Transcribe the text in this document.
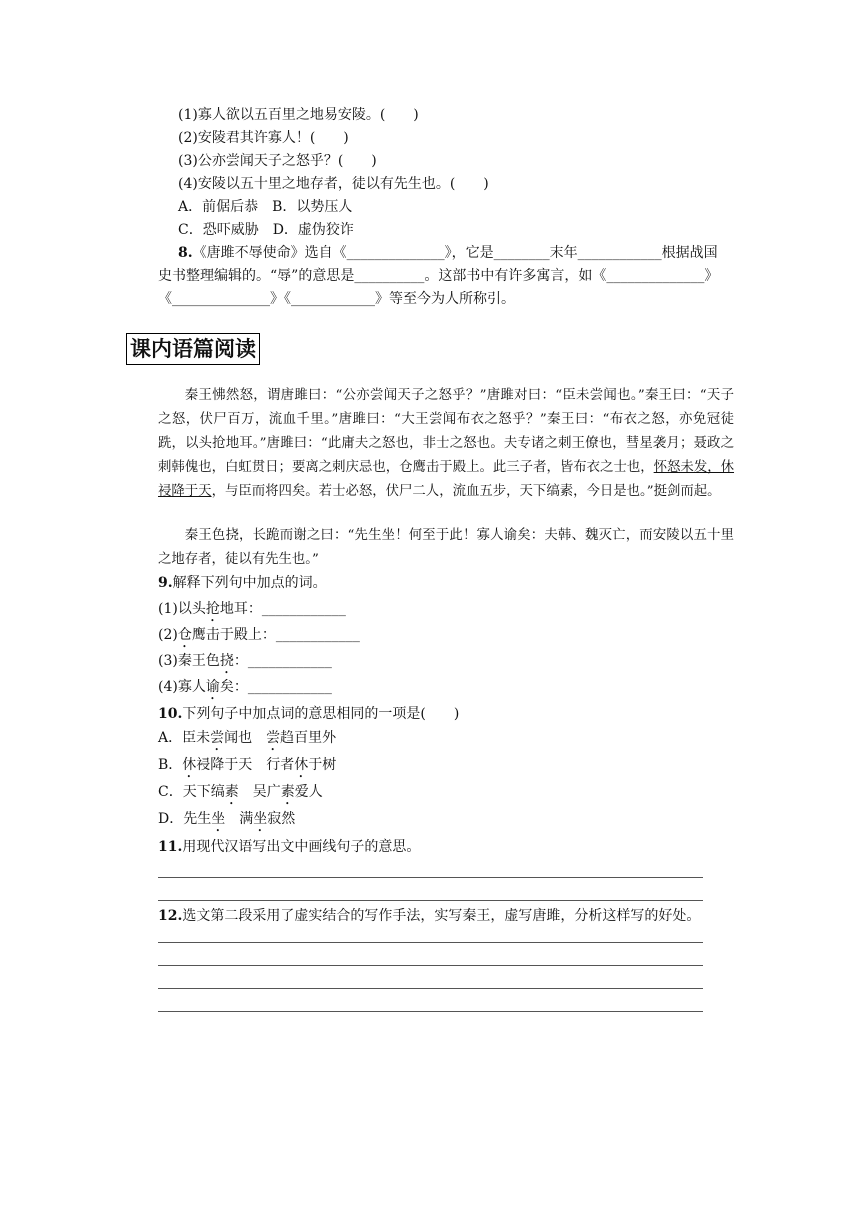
(1)寡人欲以五百里之地易安陵。(　　)
(2)安陵君其许寡人！(　　)
(3)公亦尝闻天子之怒乎？(　　)
(4)安陵以五十里之地存者，徒以有先生也。(　　)
A．前倨后恭　B．以势压人
C．恐吓威胁　D．虚伪狡诈
8.《唐雎不辱使命》选自《______________》，它是________末年____________根据战国
史书整理编辑的。“辱”的意思是__________。这部书中有许多寓言，如《______________》
《______________》《____________》等至今为人所称引。
课内语篇阅读
秦王怫然怒，谓唐雎曰：“公亦尝闻天子之怒乎？”唐雎对曰：“臣未尝闻也。”秦王曰：“天子之怒，伏尸百万，流血千里。”唐雎曰：“大王尝闻布衣之怒乎？”秦王曰：“布衣之怒，亦免冠徒跣，以头抢地耳。”唐雎曰：“此庸夫之怒也，非士之怒也。夫专诸之刺王僚也，彗星袭月；聂政之刺韩傀也，白虹贯日；要离之刺庆忌也，仓鹰击于殿上。此三子者，皆布衣之士也，怀怒未发，休祲降于天，与臣而将四矣。若士必怒，伏尸二人，流血五步，天下缟素，今日是也。”挺剑而起。
秦王色挠，长跪而谢之曰：“先生坐！何至于此！寡人谕矣：夫韩、魏灭亡，而安陵以五十里之地存者，徒以有先生也。”
9.解释下列句中加点的词。
(1)以头抢地耳：____________
(2)仓鹰击于殿上：____________
(3)秦王色挠：____________
(4)寡人谕矣：____________
10.下列句子中加点词的意思相同的一项是(　　)
A．臣未尝闻也　尝趋百里外
B．休祲降于天　行者休于树
C．天下缟素　吴广素爱人
D．先生坐　满坐寂然
11.用现代汉语写出文中画线句子的意思。
12.选文第二段采用了虚实结合的写作手法，实写秦王，虚写唐雎，分析这样写的好处。
